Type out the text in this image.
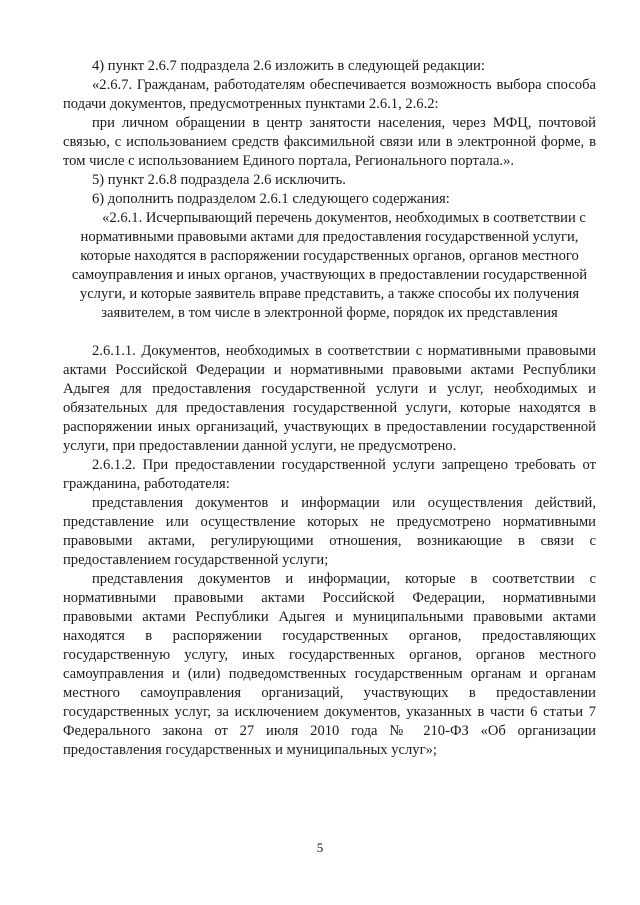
4) пункт 2.6.7 подраздела 2.6 изложить в следующей редакции:

«2.6.7. Гражданам, работодателям обеспечивается возможность выбора способа подачи документов, предусмотренных пунктами 2.6.1, 2.6.2:

при личном обращении в центр занятости населения, через МФЦ, почтовой связью, с использованием средств факсимильной связи или в электронной форме, в том числе с использованием Единого портала, Регионального портала.».

5) пункт 2.6.8 подраздела 2.6 исключить.

6) дополнить подразделом 2.6.1 следующего содержания:

«2.6.1. Исчерпывающий перечень документов, необходимых в соответствии с нормативными правовыми актами для предоставления государственной услуги, которые находятся в распоряжении государственных органов, органов местного самоуправления и иных органов, участвующих в предоставлении государственной услуги, и которые заявитель вправе представить, а также способы их получения заявителем, в том числе в электронной форме, порядок их представления

2.6.1.1. Документов, необходимых в соответствии с нормативными правовыми актами Российской Федерации и нормативными правовыми актами Республики Адыгея для предоставления государственной услуги и услуг, необходимых и обязательных для предоставления государственной услуги, которые находятся в распоряжении иных организаций, участвующих в предоставлении государственной услуги, при предоставлении данной услуги, не предусмотрено.

2.6.1.2. При предоставлении государственной услуги запрещено требовать от гражданина, работодателя:

представления документов и информации или осуществления действий, представление или осуществление которых не предусмотрено нормативными правовыми актами, регулирующими отношения, возникающие в связи с предоставлением государственной услуги;

представления документов и информации, которые в соответствии с нормативными правовыми актами Российской Федерации, нормативными правовыми актами Республики Адыгея и муниципальными правовыми актами находятся в распоряжении государственных органов, предоставляющих государственную услугу, иных государственных органов, органов местного самоуправления и (или) подведомственных государственным органам и органам местного самоуправления организаций, участвующих в предоставлении государственных услуг, за исключением документов, указанных в части 6 статьи 7 Федерального закона от 27 июля 2010 года № 210-ФЗ «Об организации предоставления государственных и муниципальных услуг»;

5
